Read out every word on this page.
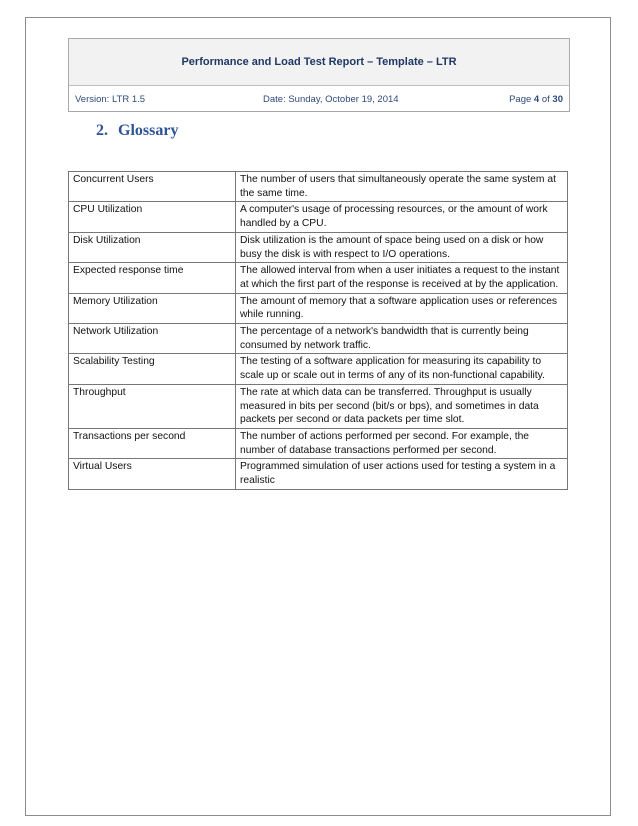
Performance and Load Test Report – Template – LTR
Version: LTR 1.5	Date: Sunday, October 19, 2014	Page 4 of 30
2. Glossary
Concurrent Users	The number of users that simultaneously operate the same system at the same time.
CPU Utilization	A computer's usage of processing resources, or the amount of work handled by a CPU.
Disk Utilization	Disk utilization is the amount of space being used on a disk or how busy the disk is with respect to I/O operations.
Expected response time	The allowed interval from when a user initiates a request to the instant at which the first part of the response is received at by the application.
Memory Utilization	The amount of memory that a software application uses or references while running.
Network Utilization	The percentage of a network's bandwidth that is currently being consumed by network traffic.
Scalability Testing	The testing of a software application for measuring its capability to scale up or scale out in terms of any of its non-functional capability.
Throughput	The rate at which data can be transferred. Throughput is usually measured in bits per second (bit/s or bps), and sometimes in data packets per second or data packets per time slot.
Transactions per second	The number of actions performed per second. For example, the number of database transactions performed per second.
Virtual Users	Programmed simulation of user actions used for testing a system in a realistic
